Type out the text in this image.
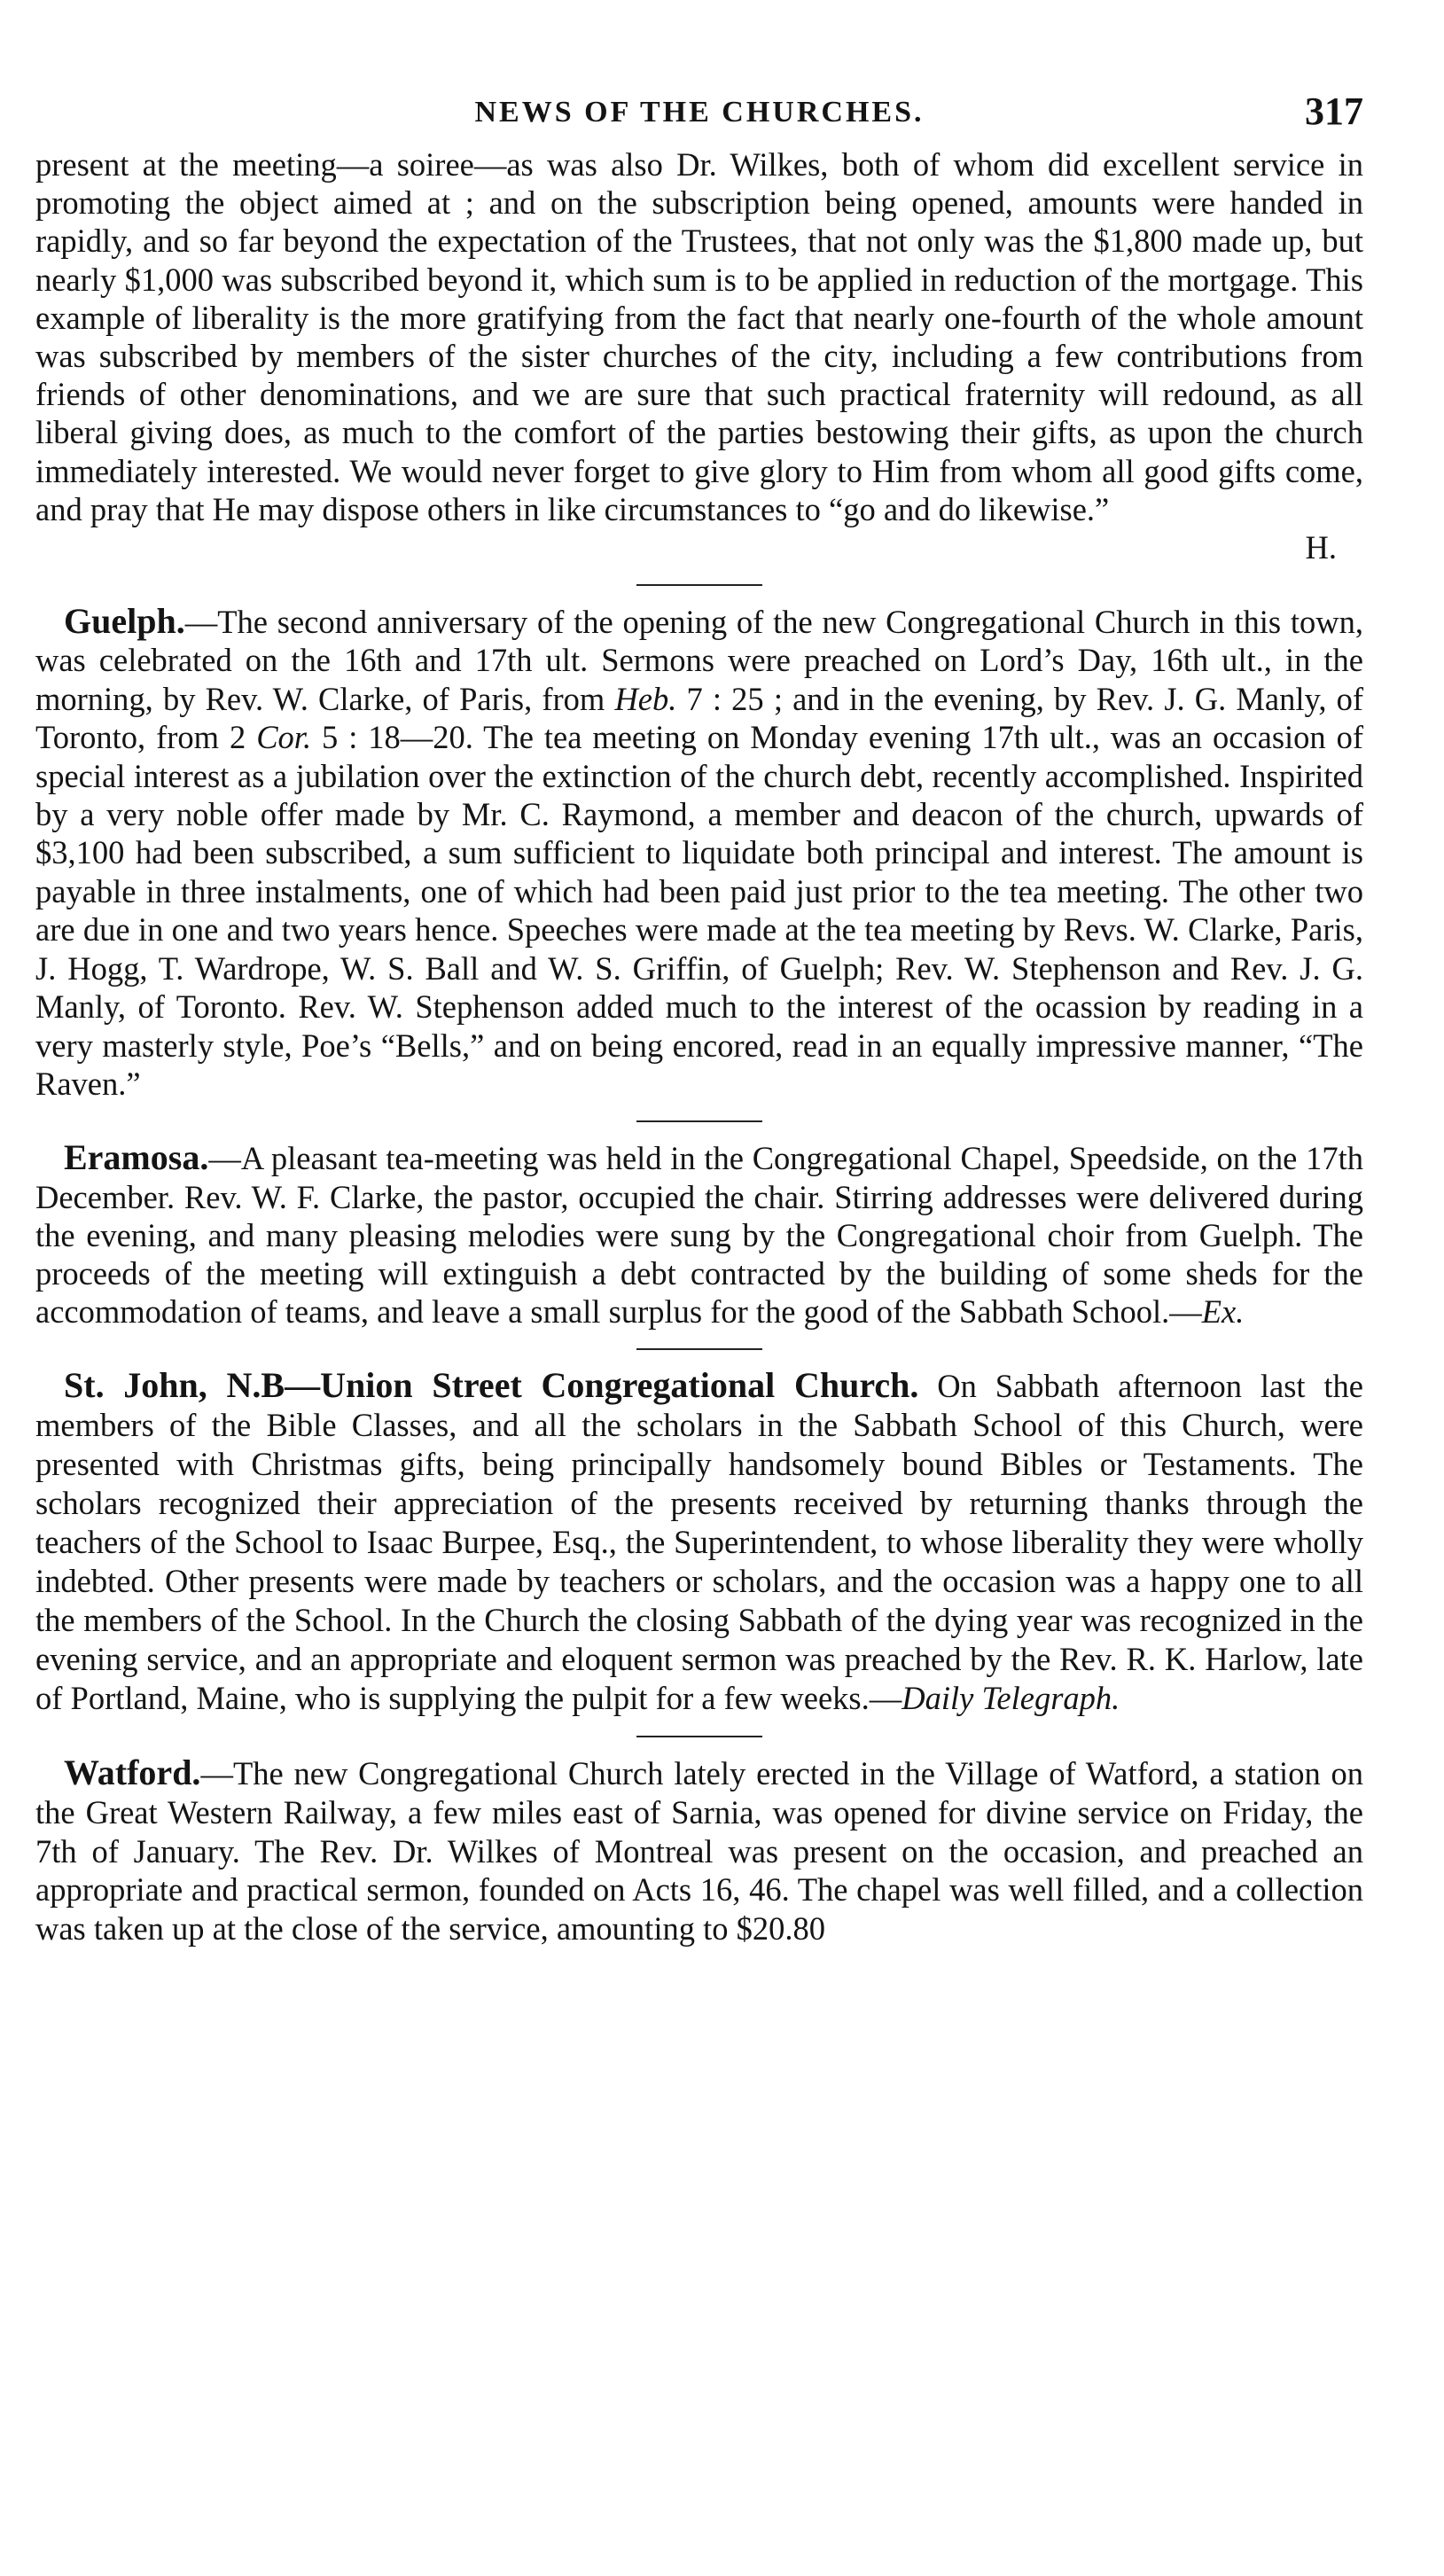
NEWS OF THE CHURCHES.	317

present at the meeting—a soiree—as was also Dr. Wilkes, both of whom did excellent service in promoting the object aimed at ; and on the subscription being opened, amounts were handed in rapidly, and so far beyond the expectation of the Trustees, that not only was the $1,800 made up, but nearly $1,000 was subscribed beyond it, which sum is to be applied in reduction of the mortgage. This example of liberality is the more gratifying from the fact that nearly one-fourth of the whole amount was subscribed by members of the sister churches of the city, including a few contributions from friends of other denominations, and we are sure that such practical fraternity will redound, as all liberal giving does, as much to the comfort of the parties bestowing their gifts, as upon the church immediately interested. We would never forget to give glory to Him from whom all good gifts come, and pray that He may dispose others in like circumstances to “go and do likewise.”

H.

Guelph.—The second anniversary of the opening of the new Congregational Church in this town, was celebrated on the 16th and 17th ult. Sermons were preached on Lord’s Day, 16th ult., in the morning, by Rev. W. Clarke, of Paris, from Heb. 7 : 25 ; and in the evening, by Rev. J. G. Manly, of Toronto, from 2 Cor. 5 : 18—20. The tea meeting on Monday evening 17th ult., was an occasion of special interest as a jubilation over the extinction of the church debt, recently accomplished. Inspirited by a very noble offer made by Mr. C. Raymond, a member and deacon of the church, upwards of $3,100 had been subscribed, a sum sufficient to liquidate both principal and interest. The amount is payable in three instalments, one of which had been paid just prior to the tea meeting. The other two are due in one and two years hence. Speeches were made at the tea meeting by Revs. W. Clarke, Paris, J. Hogg, T. Wardrope, W. S. Ball and W. S. Griffin, of Guelph; Rev. W. Stephenson and Rev. J. G. Manly, of Toronto. Rev. W. Stephenson added much to the interest of the ocassion by reading in a very masterly style, Poe’s “Bells,” and on being encored, read in an equally impressive manner, “The Raven.”

Eramosa.—A pleasant tea-meeting was held in the Congregational Chapel, Speedside, on the 17th December. Rev. W. F. Clarke, the pastor, occupied the chair. Stirring addresses were delivered during the evening, and many pleasing melodies were sung by the Congregational choir from Guelph. The proceeds of the meeting will extinguish a debt contracted by the building of some sheds for the accommodation of teams, and leave a small surplus for the good of the Sabbath School.—Ex.

St. John, N.B—Union Street Congregational Church. On Sabbath afternoon last the members of the Bible Classes, and all the scholars in the Sabbath School of this Church, were presented with Christmas gifts, being principally handsomely bound Bibles or Testaments. The scholars recognized their appreciation of the presents received by returning thanks through the teachers of the School to Isaac Burpee, Esq., the Superintendent, to whose liberality they were wholly indebted. Other presents were made by teachers or scholars, and the occasion was a happy one to all the members of the School. In the Church the closing Sabbath of the dying year was recognized in the evening service, and an appropriate and eloquent sermon was preached by the Rev. R. K. Harlow, late of Portland, Maine, who is supplying the pulpit for a few weeks.—Daily Telegraph.

Watford.—The new Congregational Church lately erected in the Village of Watford, a station on the Great Western Railway, a few miles east of Sarnia, was opened for divine service on Friday, the 7th of January. The Rev. Dr. Wilkes of Montreal was present on the occasion, and preached an appropriate and practical sermon, founded on Acts 16, 46. The chapel was well filled, and a collection was taken up at the close of the service, amounting to $20.80
